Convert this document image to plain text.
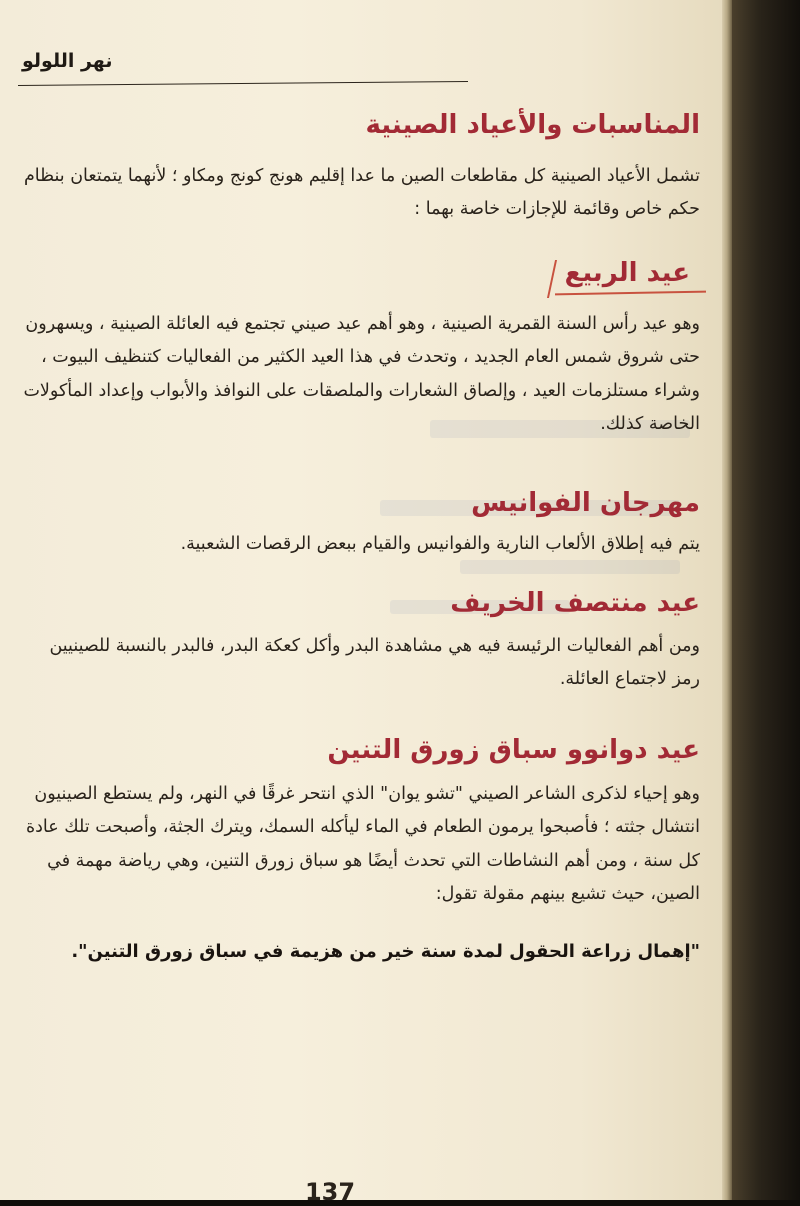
نهر اللولو
المناسبات والأعياد الصينية
تشمل الأعياد الصينية كل مقاطعات الصين ما عدا إقليم هونج كونج ومكاو ؛ لأنهما يتمتعان بنظام حكم خاص وقائمة للإجازات خاصة بهما :
عيد الربيع
وهو عيد رأس السنة القمرية الصينية ، وهو أهم عيد صيني تجتمع فيه العائلة الصينية ، ويسهرون حتى شروق شمس العام الجديد ، وتحدث في هذا العيد الكثير من الفعاليات كتنظيف البيوت ، وشراء مستلزمات العيد ، وإلصاق الشعارات والملصقات على النوافذ والأبواب وإعداد المأكولات الخاصة كذلك.
مهرجان الفوانيس
يتم فيه إطلاق الألعاب النارية والفوانيس والقيام ببعض الرقصات الشعبية.
عيد منتصف الخريف
ومن أهم الفعاليات الرئيسة فيه هي مشاهدة البدر وأكل كعكة البدر، فالبدر بالنسبة للصينيين رمز لاجتماع العائلة.
عيد دوانوو سباق زورق التنين
وهو إحياء لذكرى الشاعر الصيني "تشو يوان" الذي انتحر غرقًا في النهر، ولم يستطع الصينيون انتشال جثته ؛ فأصبحوا يرمون الطعام في الماء ليأكله السمك، ويترك الجثة، وأصبحت تلك عادة كل سنة ، ومن أهم النشاطات التي تحدث أيضًا هو سباق زورق التنين، وهي رياضة مهمة في الصين، حيث تشيع بينهم مقولة تقول:
"إهمال زراعة الحقول لمدة سنة خير من هزيمة في سباق زورق التنين".
137
